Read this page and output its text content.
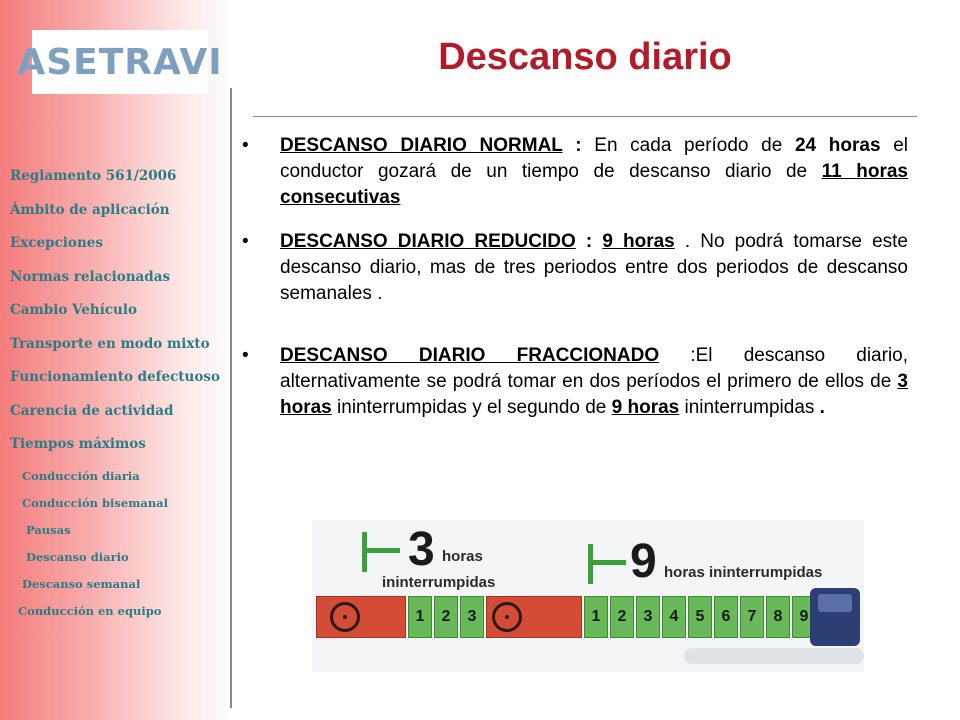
ASETRAVI
Reglamento 561/2006
Ámbito de aplicación
Excepciones
Normas relacionadas
Cambio Vehículo
Transporte en modo mixto
Funcionamiento defectuoso
Carencia de actividad
Tiempos máximos
Conducción diaria
Conducción bisemanal
Pausas
Descanso diario
Descanso semanal
Conducción en equipo
Descanso diario
•	DESCANSO DIARIO NORMAL : En cada período de 24 horas el conductor gozará de un tiempo de descanso diario de 11 horas consecutivas
•	DESCANSO DIARIO REDUCIDO : 9 horas . No podrá tomarse este descanso diario, mas de tres periodos entre dos periodos de descanso semanales .
•	DESCANSO DIARIO FRACCIONADO :El descanso diario, alternativamente se podrá tomar en dos períodos el primero de ellos de 3 horas ininterrumpidas y el segundo de 9 horas ininterrumpidas .
3 horas
ininterrumpidas	9 horas ininterrumpidas
1	2	3	1	2	3	4	5	6	7	8	9
